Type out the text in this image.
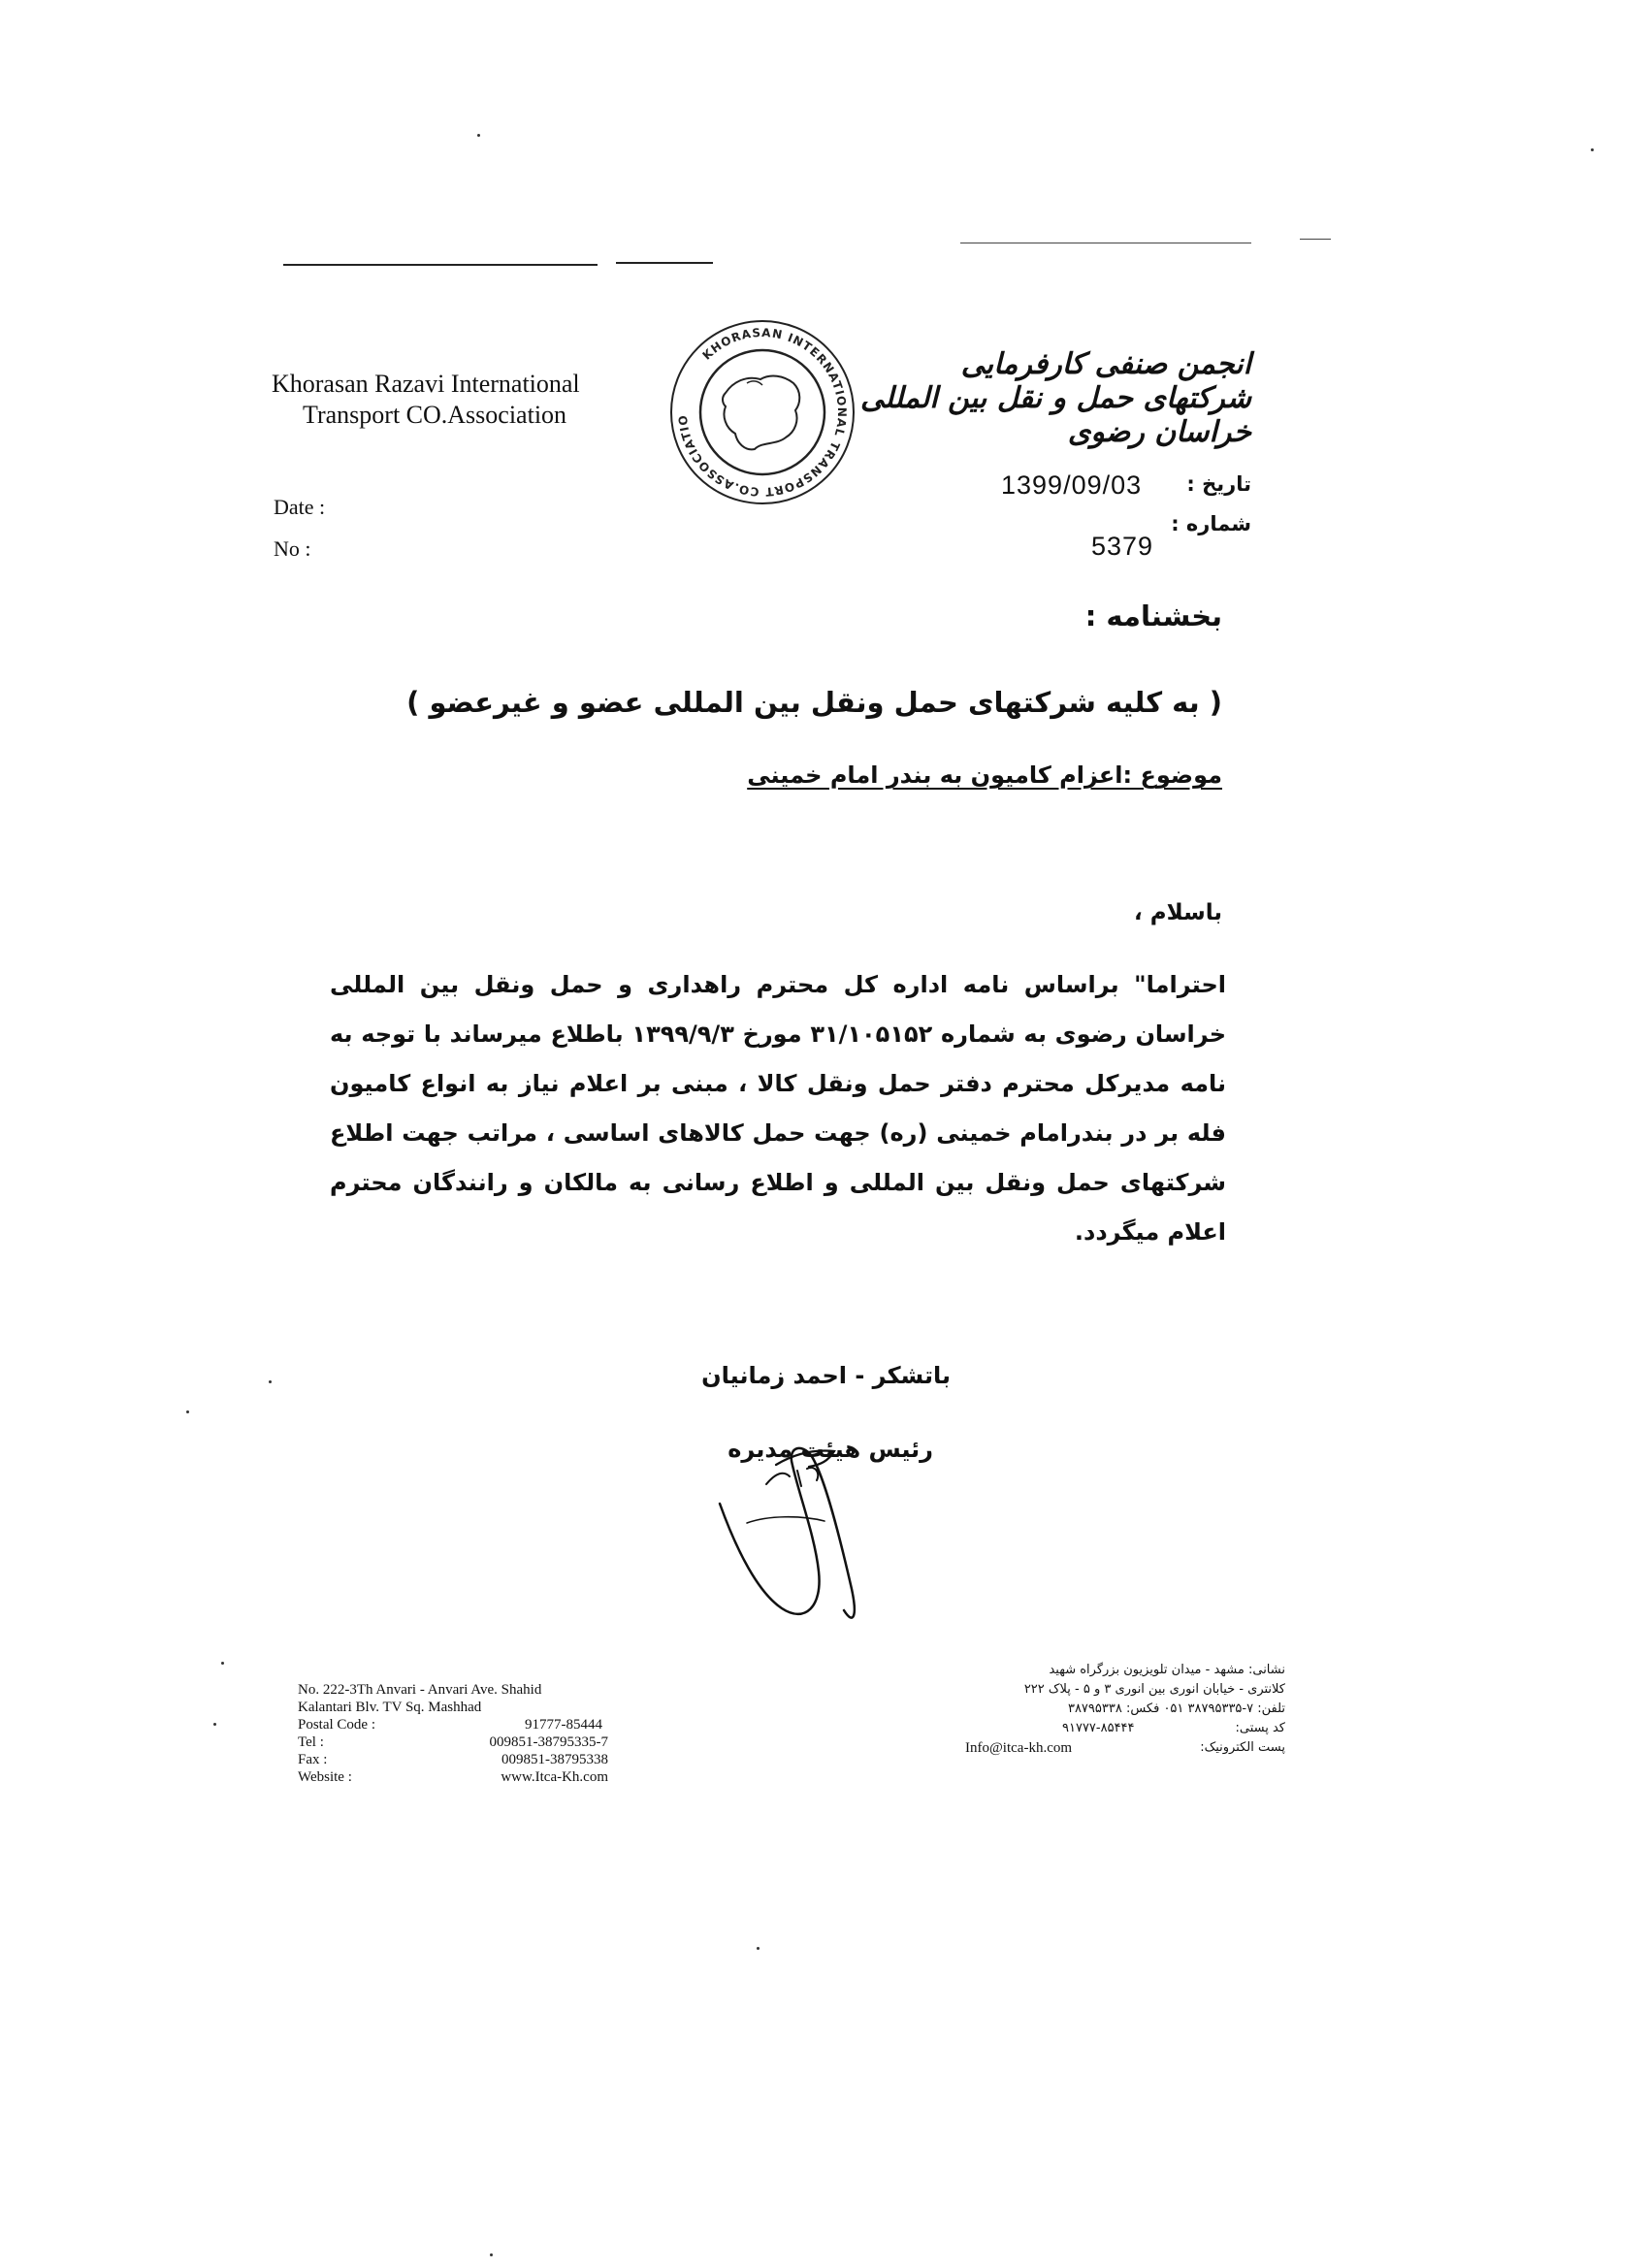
Khorasan Razavi International
Transport CO.Association
KHORASAN INTERNATIONAL TRANSPORT CO.ASSOCIATIO
انجمن صنفی کارفرمایی شرکتهای حمل و نقل بین المللی خراسان رضوی
Date :
No :
تاریخ :
1399/09/03
شماره :
5379
بخشنامه :
( به کلیه شرکتهای حمل ونقل بین المللی عضو و غیرعضو )
موضوع :اعزام کامیون به بندر امام خمینی
باسلام ،
احتراما" براساس نامه اداره کل محترم راهداری و حمل ونقل بین المللی خراسان رضوی به شماره ۳۱/۱۰۵۱۵۲ مورخ ۱۳۹۹/۹/۳ باطلاع میرساند با توجه به نامه مدیرکل محترم دفتر حمل ونقل کالا ، مبنی بر اعلام نیاز به انواع کامیون فله بر در بندرامام خمینی (ره) جهت حمل کالاهای اساسی ، مراتب جهت اطلاع شرکتهای حمل ونقل بین المللی و اطلاع رسانی به مالکان و رانندگان محترم اعلام میگردد.
باتشکر - احمد زمانیان
رئیس هیئت مدیره
No. 222-3Th Anvari - Anvari Ave. Shahid
Kalantari Blv. TV Sq. Mashhad
Postal Code :	91777-85444
Tel :	009851-38795335-7
Fax :	009851-38795338
Website :	www.Itca-Kh.com
نشانی: مشهد - میدان تلویزیون بزرگراه شهید
کلانتری - خیابان انوری بین انوری ۳ و ۵ - پلاک ۲۲۲
تلفن: ۷-۳۸۷۹۵۳۳۵ ۰۵۱ فکس: ۳۸۷۹۵۳۳۸
کد پستی:
۹۱۷۷۷-۸۵۴۴۴
پست الکترونیک:
Info@itca-kh.com
